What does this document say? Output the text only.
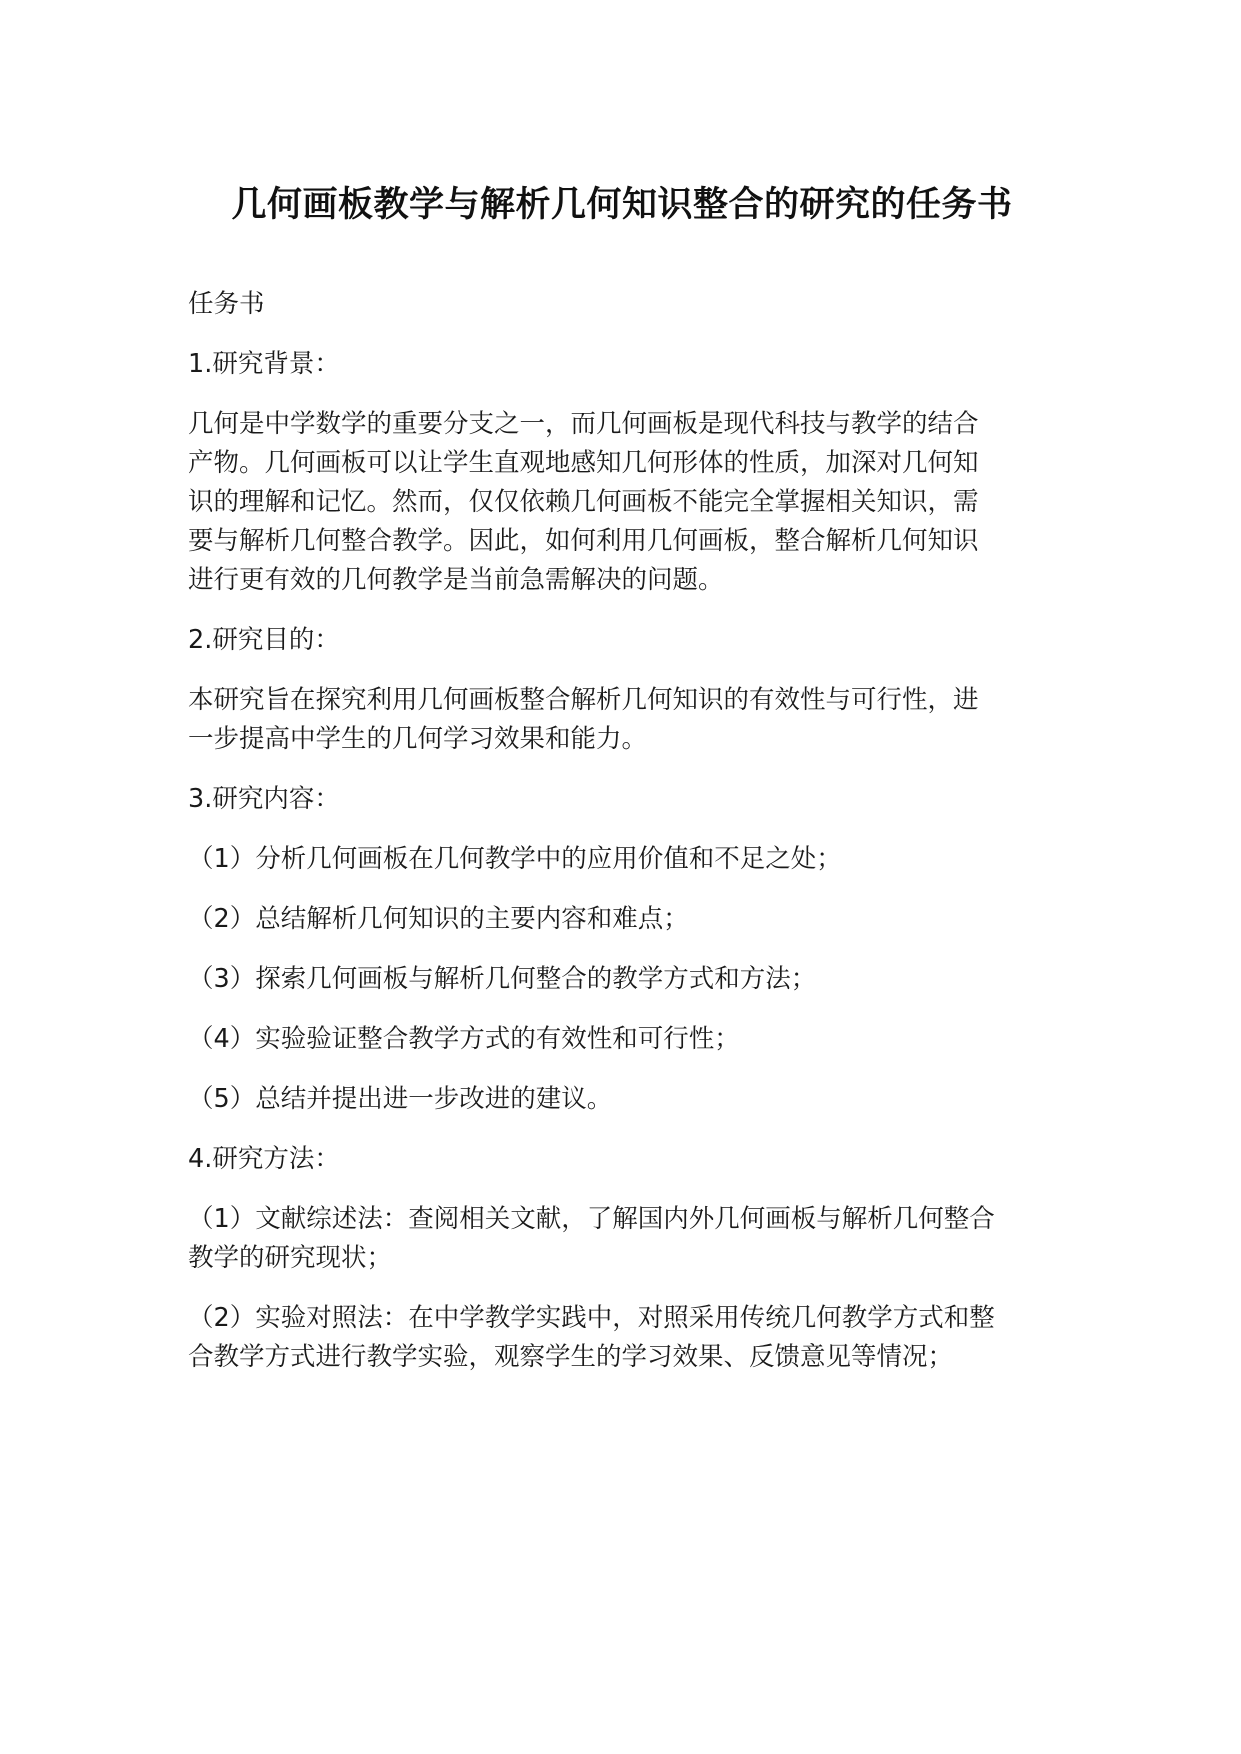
几何画板教学与解析几何知识整合的研究的任务书

任务书

1.研究背景：

几何是中学数学的重要分支之一，而几何画板是现代科技与教学的结合
产物。几何画板可以让学生直观地感知几何形体的性质，加深对几何知
识的理解和记忆。然而，仅仅依赖几何画板不能完全掌握相关知识，需
要与解析几何整合教学。因此，如何利用几何画板，整合解析几何知识
进行更有效的几何教学是当前急需解决的问题。

2.研究目的：

本研究旨在探究利用几何画板整合解析几何知识的有效性与可行性，进
一步提高中学生的几何学习效果和能力。

3.研究内容：

（1）分析几何画板在几何教学中的应用价值和不足之处；

（2）总结解析几何知识的主要内容和难点；

（3）探索几何画板与解析几何整合的教学方式和方法；

（4）实验验证整合教学方式的有效性和可行性；

（5）总结并提出进一步改进的建议。

4.研究方法：

（1）文献综述法：查阅相关文献，了解国内外几何画板与解析几何整合
教学的研究现状；

（2）实验对照法：在中学教学实践中，对照采用传统几何教学方式和整
合教学方式进行教学实验，观察学生的学习效果、反馈意见等情况；
